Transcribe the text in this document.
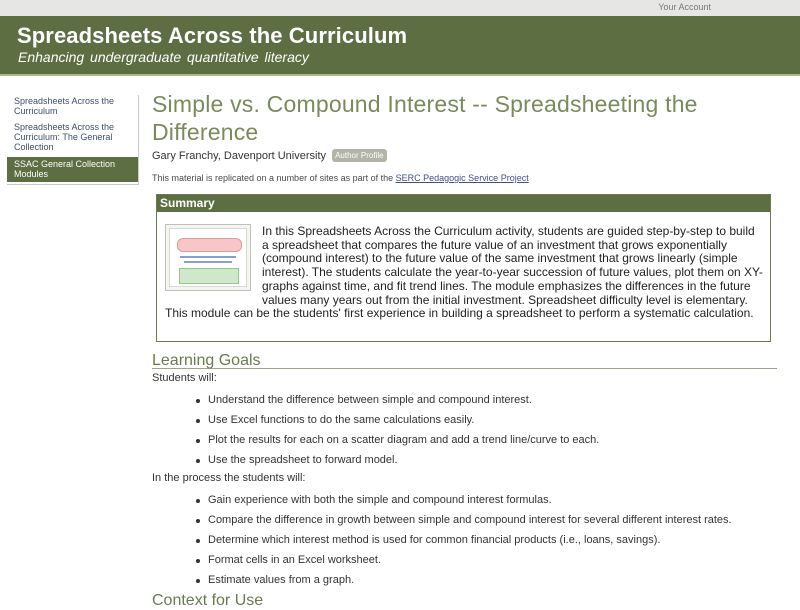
Your Account
Spreadsheets Across the Curriculum
Enhancing undergraduate quantitative literacy
Spreadsheets Across the Curriculum
Spreadsheets Across the Curriculum: The General Collection
SSAC General Collection Modules
Simple vs. Compound Interest -- Spreadsheeting the Difference
Gary Franchy, Davenport University Author Profile
This material is replicated on a number of sites as part of the SERC Pedagogic Service Project
Summary
In this Spreadsheets Across the Curriculum activity, students are guided step-by-step to build a spreadsheet that compares the future value of an investment that grows exponentially (compound interest) to the future value of the same investment that grows linearly (simple interest). The students calculate the year-to-year succession of future values, plot them on XY-graphs against time, and fit trend lines. The module emphasizes the differences in the future values many years out from the initial investment. Spreadsheet difficulty level is elementary. This module can be the students' first experience in building a spreadsheet to perform a systematic calculation.
Learning Goals
Students will:
Understand the difference between simple and compound interest.
Use Excel functions to do the same calculations easily.
Plot the results for each on a scatter diagram and add a trend line/curve to each.
Use the spreadsheet to forward model.
In the process the students will:
Gain experience with both the simple and compound interest formulas.
Compare the difference in growth between simple and compound interest for several different interest rates.
Determine which interest method is used for common financial products (i.e., loans, savings).
Format cells in an Excel worksheet.
Estimate values from a graph.
Context for Use
